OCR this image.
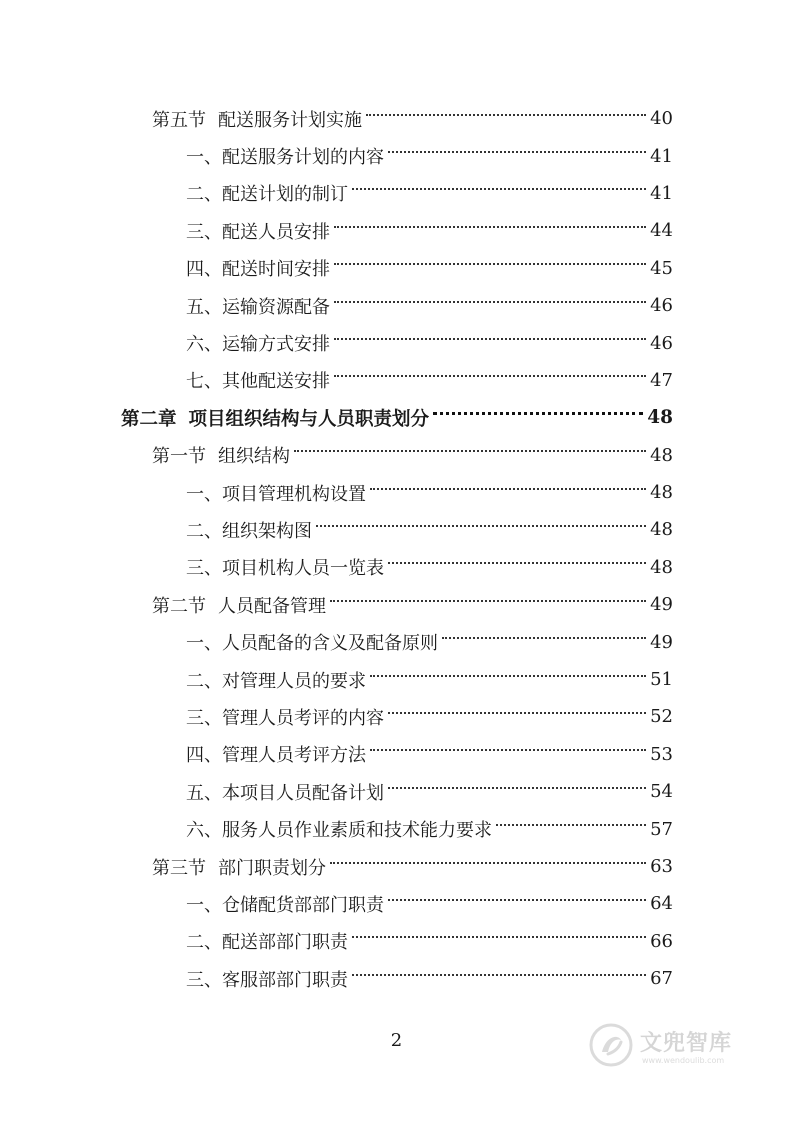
第五节 配送服务计划实施	40
一、 配送服务计划的内容	41
二、 配送计划的制订	41
三、 配送人员安排	44
四、 配送时间安排	45
五、 运输资源配备	46
六、 运输方式安排	46
七、 其他配送安排	47
第二章 项目组织结构与人员职责划分	48
第一节 组织结构	48
一、 项目管理机构设置	48
二、 组织架构图	48
三、 项目机构人员一览表	48
第二节 人员配备管理	49
一、 人员配备的含义及配备原则	49
二、 对管理人员的要求	51
三、 管理人员考评的内容	52
四、 管理人员考评方法	53
五、 本项目人员配备计划	54
六、 服务人员作业素质和技术能力要求	57
第三节 部门职责划分	63
一、 仓储配货部部门职责	64
二、 配送部部门职责	66
三、 客服部部门职责	67
2	文兜智库
www.wendoulib.com
